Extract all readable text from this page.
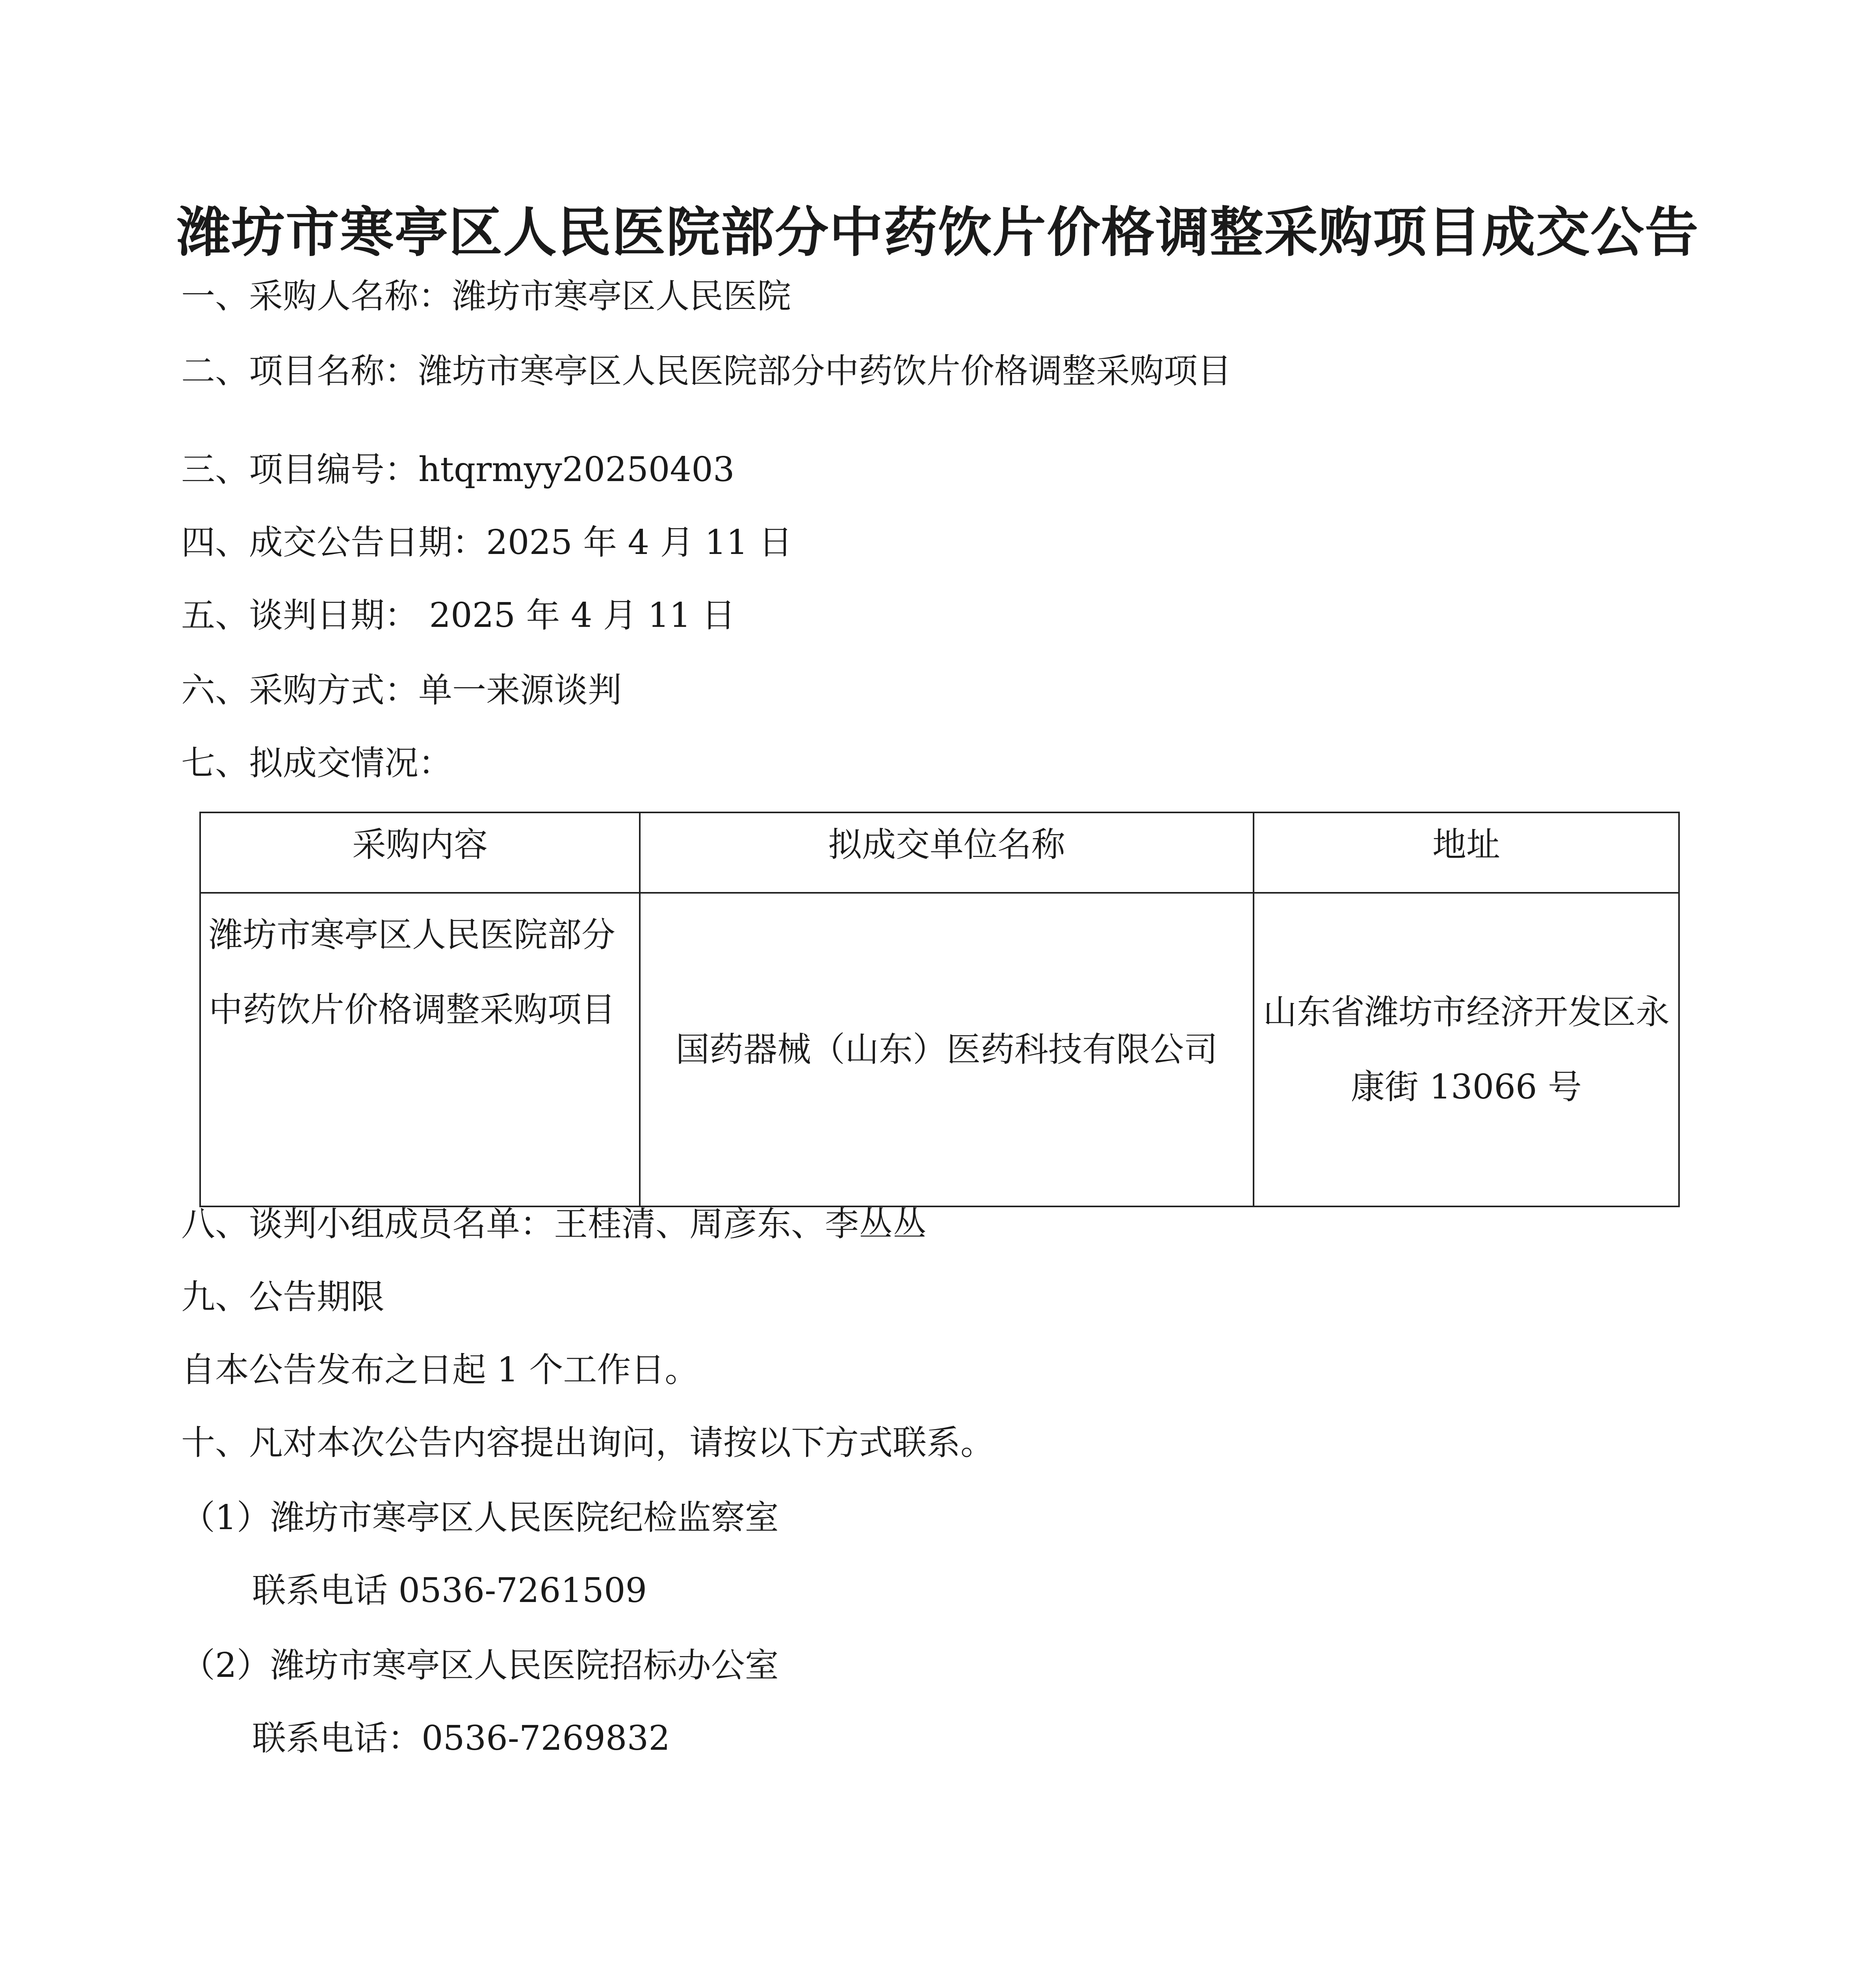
潍坊市寒亭区人民医院部分中药饮片价格调整采购项目成交公告
一、采购人名称：潍坊市寒亭区人民医院
二、项目名称：潍坊市寒亭区人民医院部分中药饮片价格调整采购项目
三、项目编号：htqrmyy20250403
四、成交公告日期：2025 年 4 月 11 日
五、谈判日期： 2025 年 4 月 11 日
六、采购方式：单一来源谈判
七、拟成交情况：
采购内容	拟成交单位名称	地址
潍坊市寒亭区人民医院部分中药饮片价格调整采购项目	国药器械（山东）医药科技有限公司	山东省潍坊市经济开发区永康街 13066 号
八、谈判小组成员名单：王桂清、周彦东、李丛丛
九、公告期限
自本公告发布之日起 1 个工作日。
十、凡对本次公告内容提出询问，请按以下方式联系。
（1）潍坊市寒亭区人民医院纪检监察室
联系电话 0536-7261509
（2）潍坊市寒亭区人民医院招标办公室
联系电话：0536-7269832
